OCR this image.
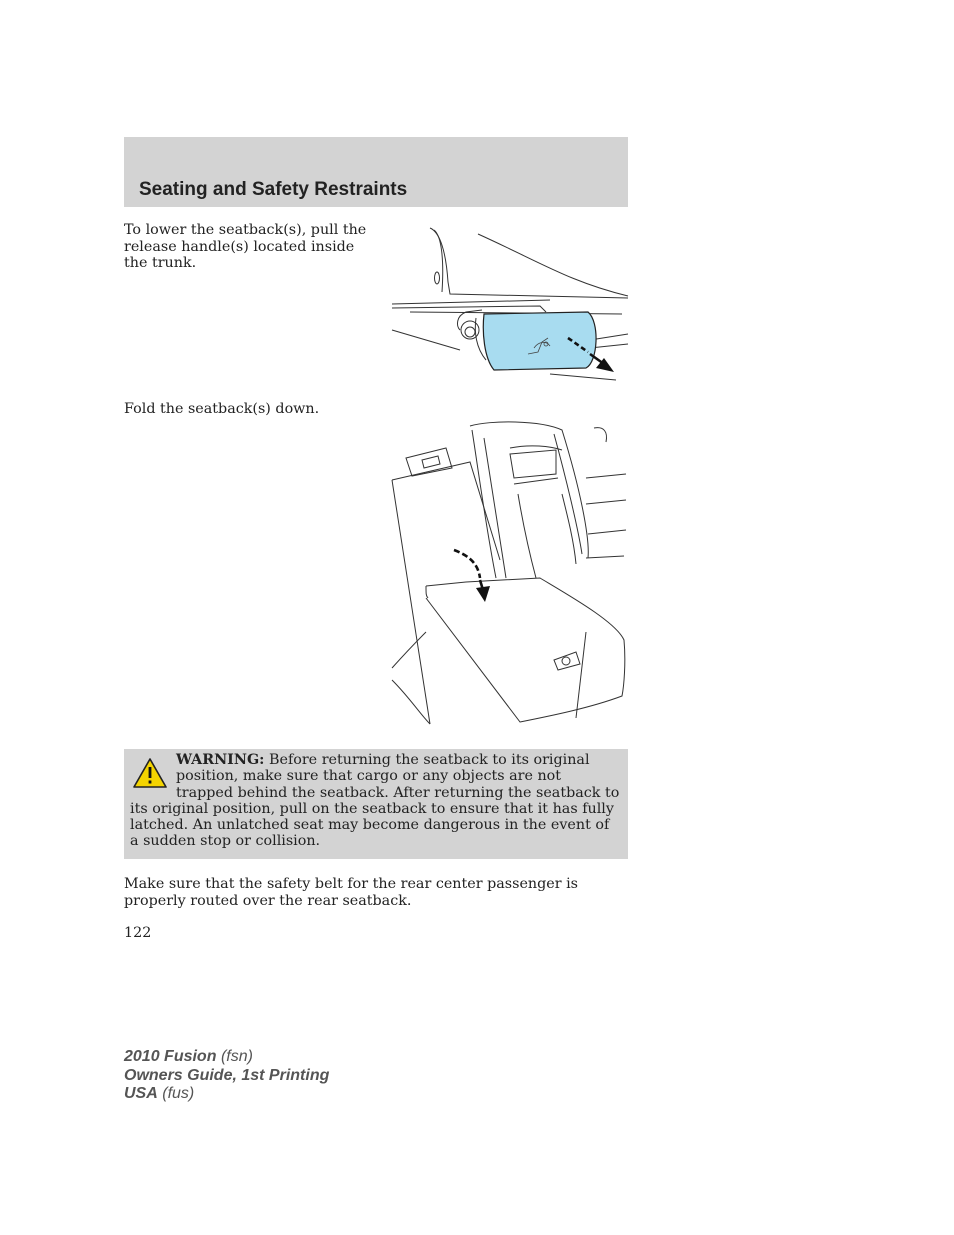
Seating and Safety Restraints

To lower the seatback(s), pull the release handle(s) located inside the trunk.

Fold the seatback(s) down.

WARNING: Before returning the seatback to its original position, make sure that cargo or any objects are not trapped behind the seatback. After returning the seatback to its original position, pull on the seatback to ensure that it has fully latched. An unlatched seat may become dangerous in the event of a sudden stop or collision.

Make sure that the safety belt for the rear center passenger is properly routed over the rear seatback.

122

2010 Fusion (fsn)
Owners Guide, 1st Printing
USA (fus)
